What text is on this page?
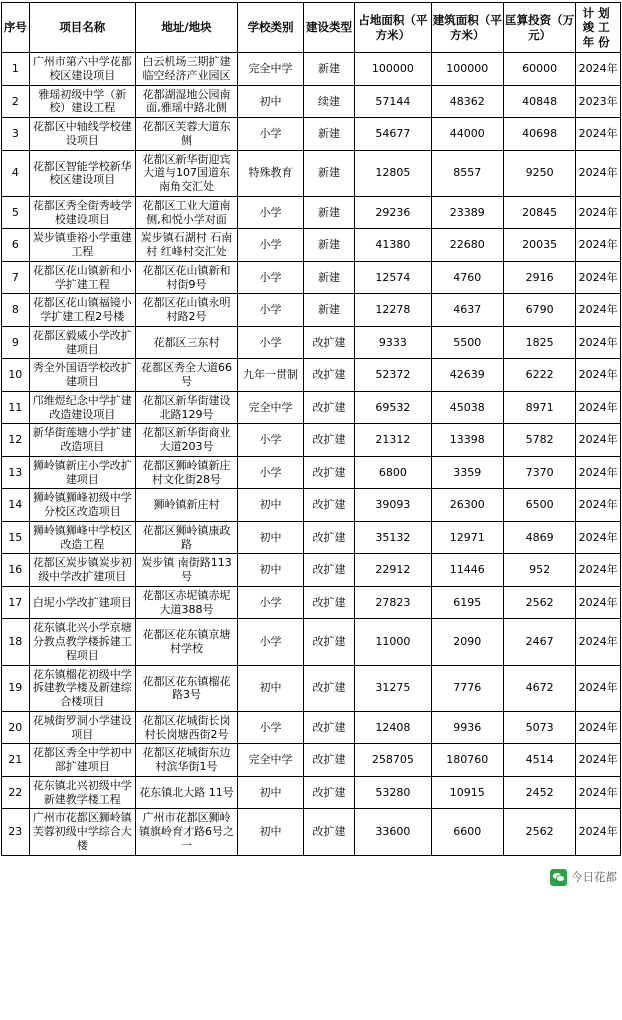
序号	项目名称	地址/地块	学校类别	建设类型	占地面积（平方米）	建筑面积（平方米）	匡算投资（万元）	计划竣工年份
1	广州市第六中学花都校区建设项目	白云机场三期扩建临空经济产业园区	完全中学	新建	100000	100000	60000	2024年
2	雅瑶初级中学（新校）建设工程	花都湖湿地公园南面,雅瑶中路北侧	初中	续建	57144	48362	40848	2023年
3	花都区中轴线学校建设项目	花都区芙蓉大道东侧	小学	新建	54677	44000	40698	2024年
4	花都区智能学校新华校区建设项目	花都区新华街迎宾大道与107国道东南角交汇处	特殊教育	新建	12805	8557	9250	2024年
5	花都区秀全街秀岐学校建设项目	花都区工业大道南侧,和悦小学对面	小学	新建	29236	23389	20845	2024年
6	炭步镇垂裕小学重建工程	炭步镇石湖村 石南村 红峰村交汇处	小学	新建	41380	22680	20035	2024年
7	花都区花山镇新和小学扩建工程	花都区花山镇新和村街9号	小学	新建	12574	4760	2916	2024年
8	花都区花山镇福镜小学扩建工程2号楼	花都区花山镇永明村路2号	小学	新建	12278	4637	6790	2024年
9	花都区毅威小学改扩建项目	花都区三东村	小学	改扩建	9333	5500	1825	2024年
10	秀全外国语学校改扩建项目	花都区秀全大道66号	九年一贯制	改扩建	52372	42639	6222	2024年
11	邝维煜纪念中学扩建改造建设项目	花都区新华街建设北路129号	完全中学	改扩建	69532	45038	8971	2024年
12	新华街莲塘小学扩建改造项目	花都区新华街商业大道203号	小学	改扩建	21312	13398	5782	2024年
13	狮岭镇新庄小学改扩建项目	花都区狮岭镇新庄村文化街28号	小学	改扩建	6800	3359	7370	2024年
14	狮岭镇狮峰初级中学分校区改造项目	狮岭镇新庄村	初中	改扩建	39093	26300	6500	2024年
15	狮岭镇狮峰中学校区改造工程	花都区狮岭镇康政路	初中	改扩建	35132	12971	4869	2024年
16	花都区炭步镇炭步初级中学改扩建项目	炭步镇 南街路113号	初中	改扩建	22912	11446	952	2024年
17	白坭小学改扩建项目	花都区赤坭镇赤坭大道388号	小学	改扩建	27823	6195	2562	2024年
18	花东镇北兴小学京塘分教点教学楼拆建工程项目	花都区花东镇京塘村学校	小学	改扩建	11000	2090	2467	2024年
19	花东镇榴花初级中学拆建教学楼及新建综合楼项目	花都区花东镇榴花路3号	初中	改扩建	31275	7776	4672	2024年
20	花城街罗洞小学建设项目	花都区花城街长岗村长岗塘西街2号	小学	改扩建	12408	9936	5073	2024年
21	花都区秀全中学初中部扩建项目	花都区花城街东边村滨华街1号	完全中学	改扩建	258705	180760	4514	2024年
22	花东镇北兴初级中学新建教学楼工程	花东镇北大路 11号	初中	改扩建	53280	10915	2452	2024年
23	广州市花都区狮岭镇芙蓉初级中学综合大楼	广州市花都区狮岭镇旗岭育才路6号之一	初中	改扩建	33600	6600	2562	2024年
今日花都
